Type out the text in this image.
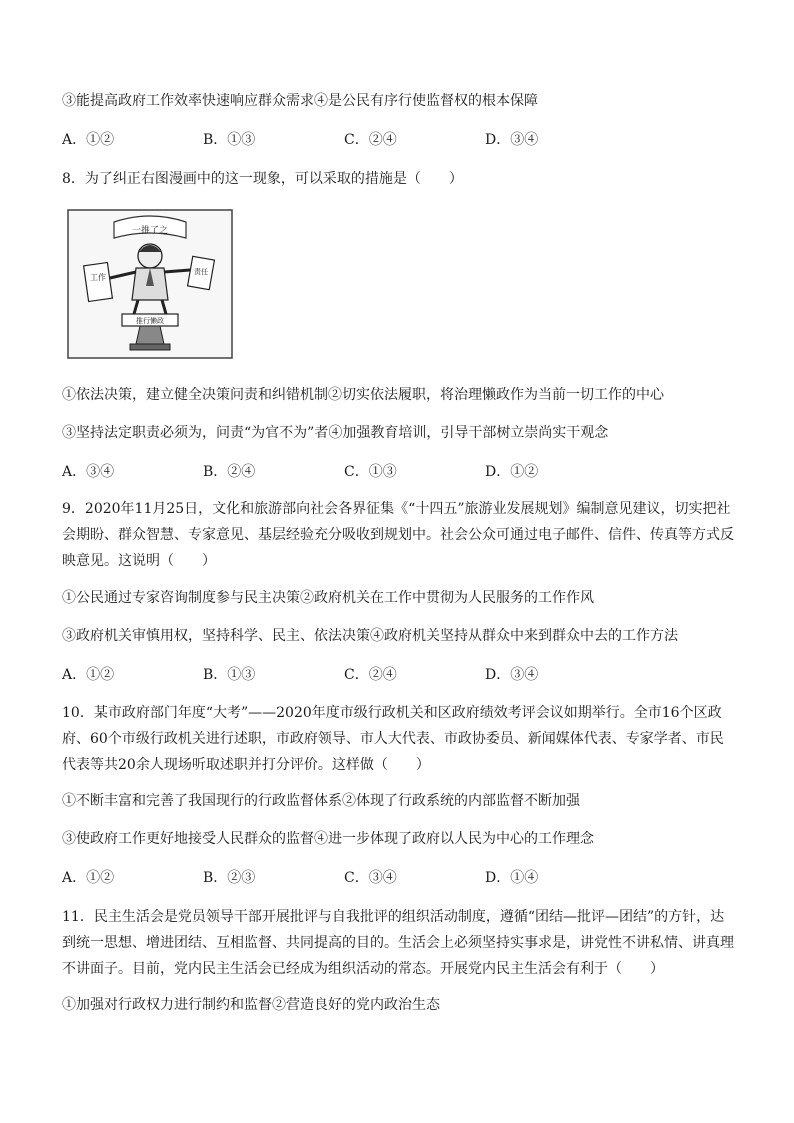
③能提高政府工作效率快速响应群众需求④是公民有序行使监督权的根本保障
A．①②	B．①③	C．②④	D．③④
8．为了纠正右图漫画中的这一现象，可以采取的措施是（　　）
一推了之
工作
责任
推行懒政
①依法决策，建立健全决策问责和纠错机制②切实依法履职，将治理懒政作为当前一切工作的中心
③坚持法定职责必须为，问责“为官不为”者④加强教育培训，引导干部树立崇尚实干观念
A．③④	B．②④	C．①③	D．①②
9．2020年11月25日，文化和旅游部向社会各界征集《“十四五”旅游业发展规划》编制意见建议，切实把社会期盼、群众智慧、专家意见、基层经验充分吸收到规划中。社会公众可通过电子邮件、信件、传真等方式反映意见。这说明（　　）
①公民通过专家咨询制度参与民主决策②政府机关在工作中贯彻为人民服务的工作作风
③政府机关审慎用权，坚持科学、民主、依法决策④政府机关坚持从群众中来到群众中去的工作方法
A．①②	B．①③	C．②④	D．③④
10．某市政府部门年度“大考”——2020年度市级行政机关和区政府绩效考评会议如期举行。全市16个区政府、60个市级行政机关进行述职，市政府领导、市人大代表、市政协委员、新闻媒体代表、专家学者、市民代表等共20余人现场听取述职并打分评价。这样做（　　）
①不断丰富和完善了我国现行的行政监督体系②体现了行政系统的内部监督不断加强
③使政府工作更好地接受人民群众的监督④进一步体现了政府以人民为中心的工作理念
A．①②	B．②③	C．③④	D．①④
11．民主生活会是党员领导干部开展批评与自我批评的组织活动制度，遵循“团结—批评—团结”的方针，达到统一思想、增进团结、互相监督、共同提高的目的。生活会上必须坚持实事求是，讲党性不讲私情、讲真理不讲面子。目前，党内民主生活会已经成为组织活动的常态。开展党内民主生活会有利于（　　）
①加强对行政权力进行制约和监督②营造良好的党内政治生态
